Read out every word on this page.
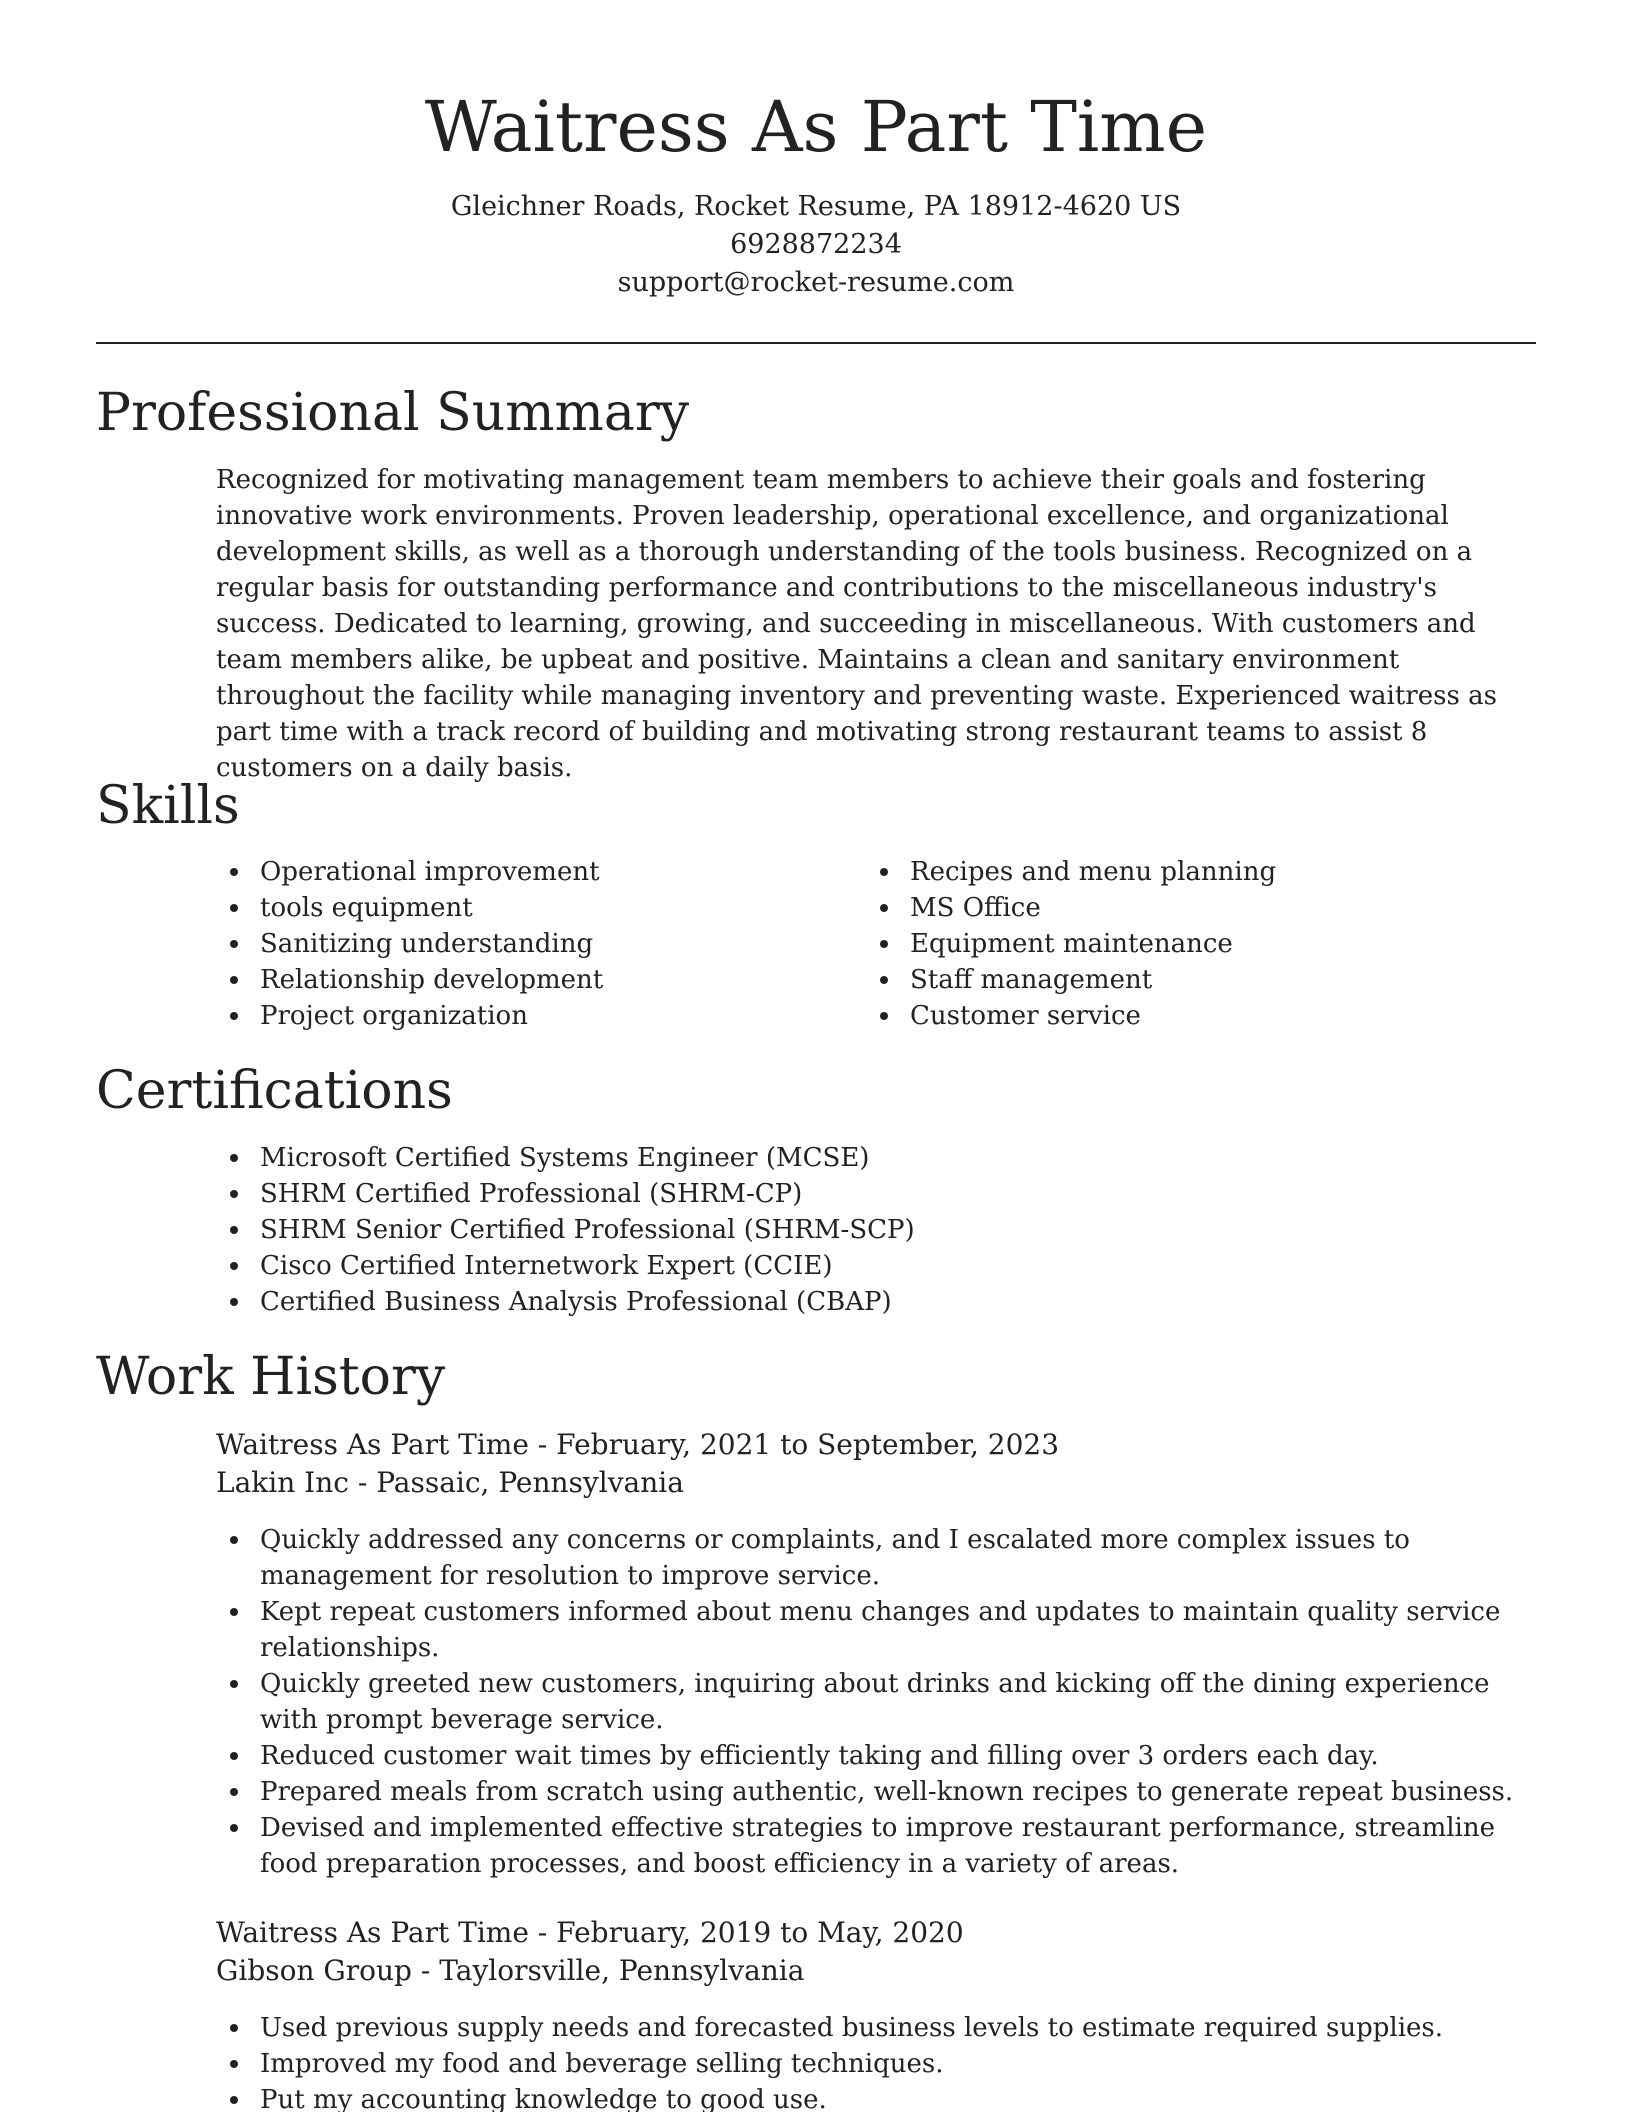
Waitress As Part Time

Gleichner Roads, Rocket Resume, PA 18912-4620 US

6928872234

support@rocket-resume.com

Professional Summary

Recognized for motivating management team members to achieve their goals and fostering innovative work environments. Proven leadership, operational excellence, and organizational development skills, as well as a thorough understanding of the tools business. Recognized on a regular basis for outstanding performance and contributions to the miscellaneous industry's success. Dedicated to learning, growing, and succeeding in miscellaneous. With customers and team members alike, be upbeat and positive. Maintains a clean and sanitary environment throughout the facility while managing inventory and preventing waste. Experienced waitress as part time with a track record of building and motivating strong restaurant teams to assist 8 customers on a daily basis.

Skills
Operational improvement
tools equipment
Sanitizing understanding
Relationship development
Project organization
Recipes and menu planning
MS Office
Equipment maintenance
Staff management
Customer service
Certifications
Microsoft Certified Systems Engineer (MCSE)
SHRM Certified Professional (SHRM-CP)
SHRM Senior Certified Professional (SHRM-SCP)
Cisco Certified Internetwork Expert (CCIE)
Certified Business Analysis Professional (CBAP)
Work History
Waitress As Part Time - February, 2021 to September, 2023
Lakin Inc - Passaic, Pennsylvania
Quickly addressed any concerns or complaints, and I escalated more complex issues to management for resolution to improve service.
Kept repeat customers informed about menu changes and updates to maintain quality service relationships.
Quickly greeted new customers, inquiring about drinks and kicking off the dining experience with prompt beverage service.
Reduced customer wait times by efficiently taking and filling over 3 orders each day.
Prepared meals from scratch using authentic, well-known recipes to generate repeat business.
Devised and implemented effective strategies to improve restaurant performance, streamline food preparation processes, and boost efficiency in a variety of areas.
Waitress As Part Time - February, 2019 to May, 2020
Gibson Group - Taylorsville, Pennsylvania
Used previous supply needs and forecasted business levels to estimate required supplies.
Improved my food and beverage selling techniques.
Put my accounting knowledge to good use.
